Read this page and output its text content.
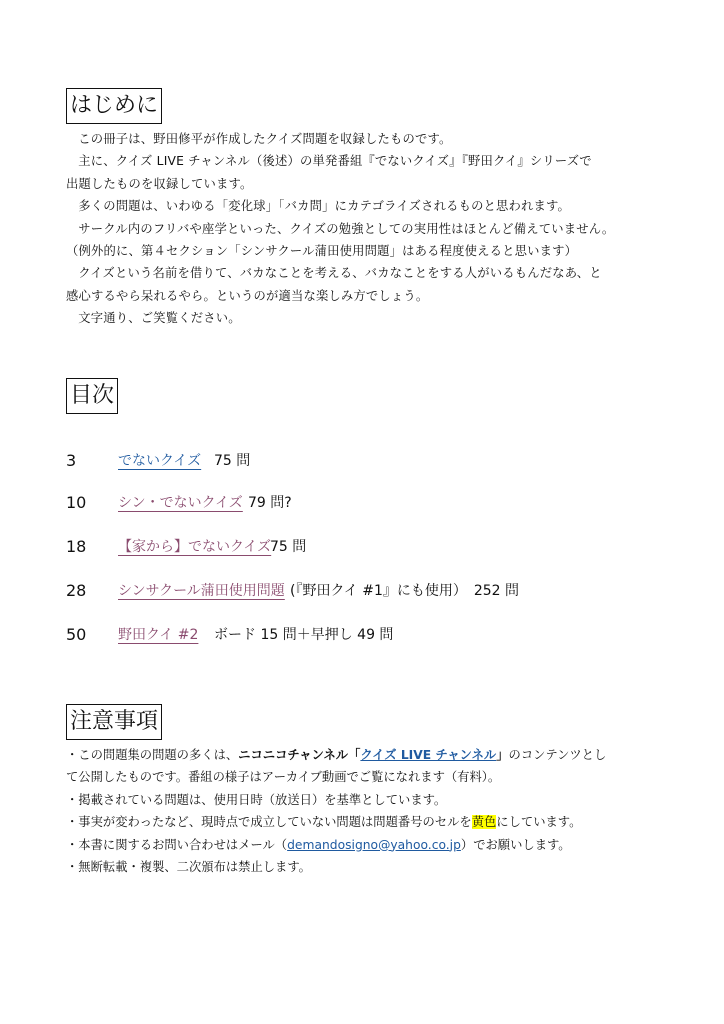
はじめに

この冊子は、野田修平が作成したクイズ問題を収録したものです。

主に、クイズ LIVE チャンネル（後述）の単発番組『でないクイズ』『野田クイ』シリーズで

出題したものを収録しています。

多くの問題は、いわゆる「変化球」「バカ問」にカテゴライズされるものと思われます。

サークル内のフリバや座学といった、クイズの勉強としての実用性はほとんど備えていません。

（例外的に、第４セクション「シンサクール蒲田使用問題」はある程度使えると思います）

クイズという名前を借りて、バカなことを考える、バカなことをする人がいるもんだなあ、と

感心するやら呆れるやら。というのが適当な楽しみ方でしょう。

文字通り、ご笑覧ください。

目次
3	でないクイズ 75 問
10 シン・でないクイズ 79 問?
18 【家から】でないクイズ
75 問
28 シンサクール蒲田使用問題 (『野田クイ #1』にも使用）　252 問
50 野田クイ #2 ボード 15 問＋早押し 49 問
注意事項

・この問題集の問題の多くは、ニコニコチャンネル「クイズ LIVE チャンネル」のコンテンツとし

て公開したものです。番組の様子はアーカイブ動画でご覧になれます（有料）。

・掲載されている問題は、使用日時（放送日）を基準としています。

・事実が変わったなど、現時点で成立していない問題は問題番号のセルを黄色にしています。

・本書に関するお問い合わせはメール（demandosigno@yahoo.co.jp）でお願いします。

・無断転載・複製、二次頒布は禁止します。
